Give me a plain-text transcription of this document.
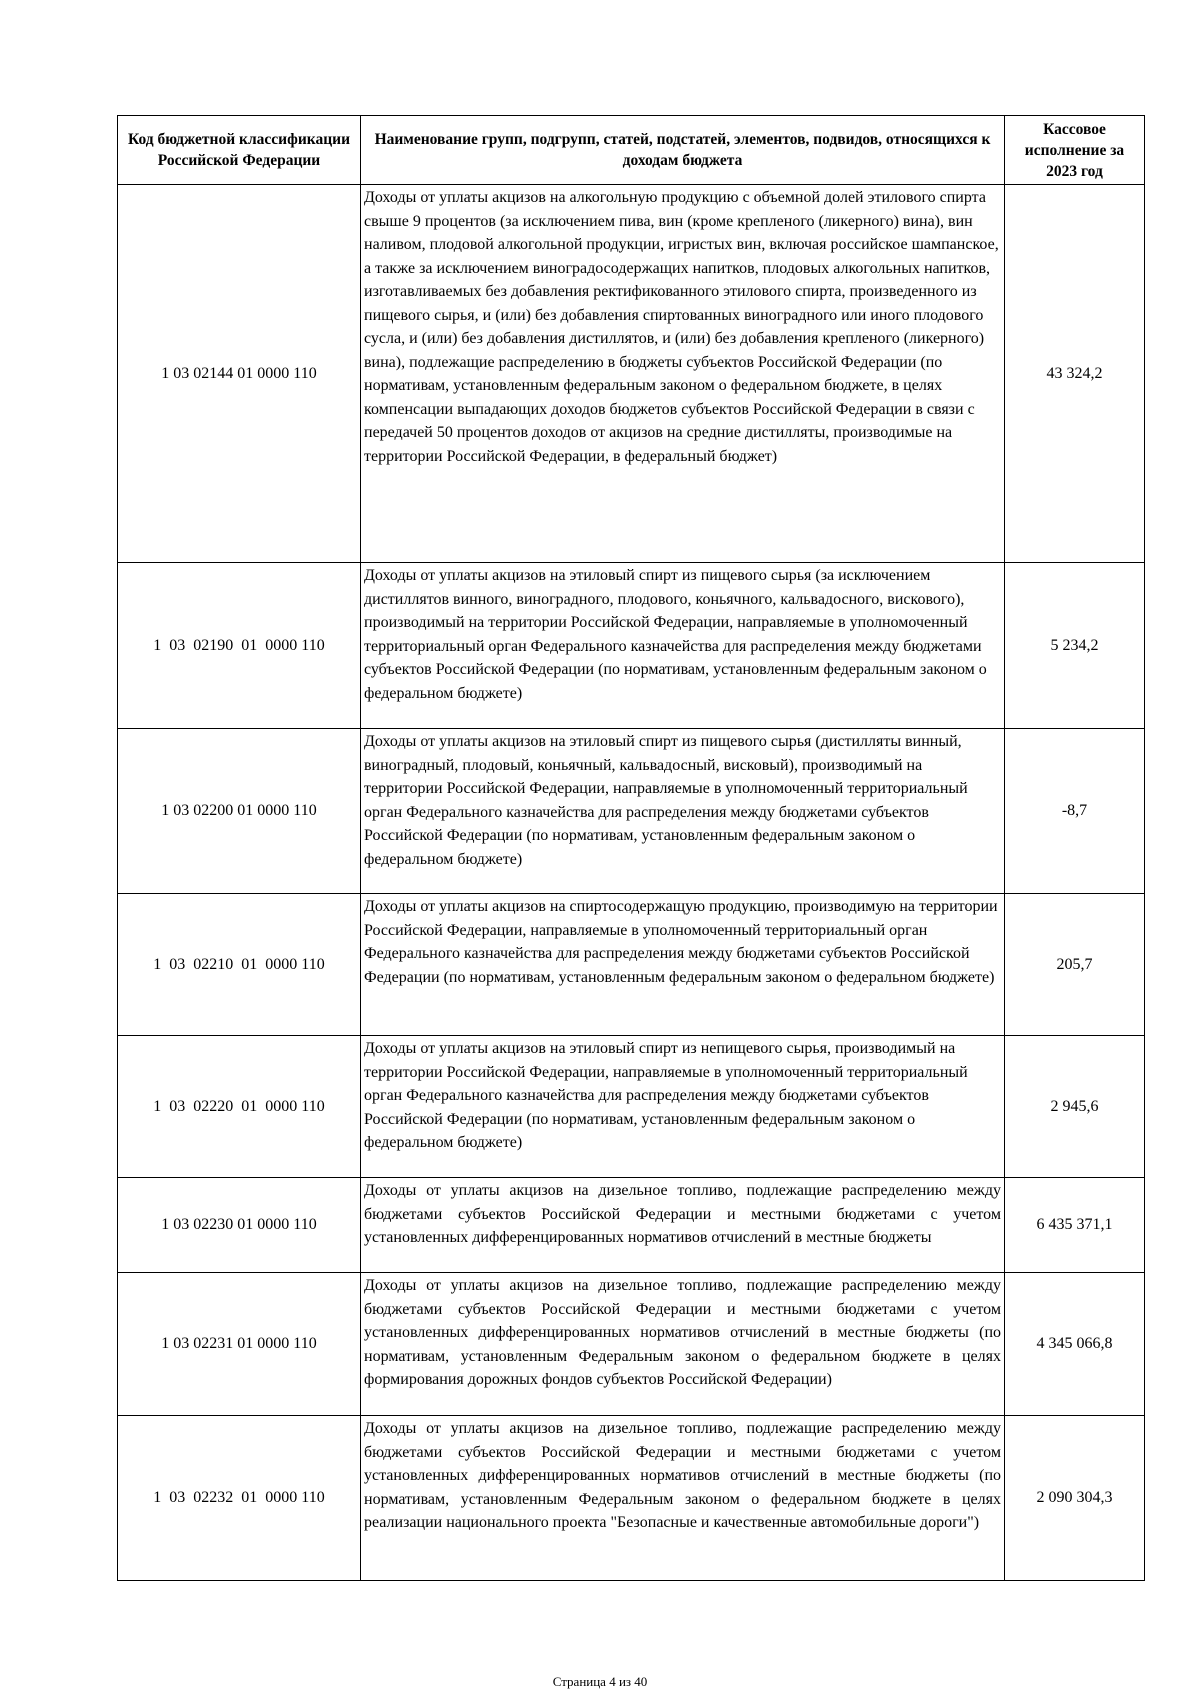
Код бюджетной классификации Российской Федерации	Наименование групп, подгрупп, статей, подстатей, элементов, подвидов, относящихся к доходам бюджета	Кассовое исполнение за 2023 год
1 03 02144 01 0000 110	Доходы от уплаты акцизов на алкогольную продукцию с объемной долей этилового спирта свыше 9 процентов (за исключением пива, вин (кроме крепленого (ликерного) вина), вин наливом, плодовой алкогольной продукции, игристых вин, включая российское шампанское, а также за исключением виноградосодержащих напитков, плодовых алкогольных напитков, изготавливаемых без добавления ректификованного этилового спирта, произведенного из пищевого сырья, и (или) без добавления спиртованных виноградного или иного плодового сусла, и (или) без добавления дистиллятов, и (или) без добавления крепленого (ликерного) вина), подлежащие распределению в бюджеты субъектов Российской Федерации (по нормативам, установленным федеральным законом о федеральном бюджете, в целях компенсации выпадающих доходов бюджетов субъектов Российской Федерации в связи с передачей 50 процентов доходов от акцизов на средние дистилляты, производимые на территории Российской Федерации, в федеральный бюджет)	43 324,2
1  03  02190  01  0000 110	Доходы от уплаты акцизов на этиловый спирт из пищевого сырья (за исключением дистиллятов винного, виноградного, плодового, коньячного, кальвадосного, вискового), производимый на территории Российской Федерации, направляемые в уполномоченный территориальный орган Федерального казначейства для распределения между бюджетами субъектов Российской Федерации (по нормативам, установленным федеральным законом о федеральном бюджете)	5 234,2
1 03 02200 01 0000 110	Доходы от уплаты акцизов на этиловый спирт из пищевого сырья (дистилляты винный, виноградный, плодовый, коньячный, кальвадосный, висковый), производимый на территории Российской Федерации, направляемые в уполномоченный территориальный орган Федерального казначейства для распределения между бюджетами субъектов Российской Федерации (по нормативам, установленным федеральным законом о федеральном бюджете)	-8,7
1  03  02210  01  0000 110	Доходы от уплаты акцизов на спиртосодержащую продукцию, производимую на территории Российской Федерации, направляемые в уполномоченный территориальный орган Федерального казначейства для распределения между бюджетами субъектов Российской Федерации (по нормативам, установленным федеральным законом о федеральном бюджете)	205,7
1  03  02220  01  0000 110	Доходы от уплаты акцизов на этиловый спирт из непищевого сырья, производимый на территории Российской Федерации, направляемые в уполномоченный территориальный орган Федерального казначейства для распределения между бюджетами субъектов Российской Федерации (по нормативам, установленным федеральным законом о федеральном бюджете)	2 945,6
1 03 02230 01 0000 110	Доходы от уплаты акцизов на дизельное топливо, подлежащие распределению между бюджетами субъектов Российской Федерации и местными бюджетами с учетом установленных дифференцированных нормативов отчислений в местные бюджеты	6 435 371,1
1 03 02231 01 0000 110	Доходы от уплаты акцизов на дизельное топливо, подлежащие распределению между бюджетами субъектов Российской Федерации и местными бюджетами с учетом установленных дифференцированных нормативов отчислений в местные бюджеты (по нормативам, установленным Федеральным законом о федеральном бюджете в целях формирования дорожных фондов субъектов Российской Федерации)	4 345 066,8
1  03  02232  01  0000 110	Доходы от уплаты акцизов на дизельное топливо, подлежащие распределению между бюджетами субъектов Российской Федерации и местными бюджетами с учетом установленных дифференцированных нормативов отчислений в местные бюджеты (по нормативам, установленным Федеральным законом о федеральном бюджете в целях реализации национального проекта "Безопасные и качественные автомобильные дороги")	2 090 304,3
Страница 4 из 40
